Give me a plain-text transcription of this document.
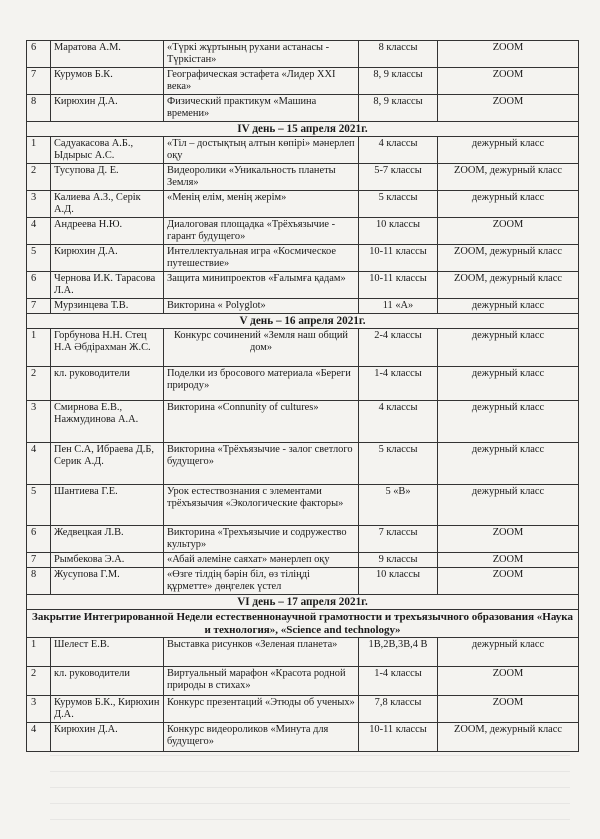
6	Маратова А.М.	«Түркі жұртының рухани астанасы - Түркістан»	8 классы	ZOOM
7	Курумов Б.К.	Географическая эстафета «Лидер XXI века»	8, 9 классы	ZOOM
8	Кирюхин Д.А.	Физический практикум «Машина времени»	8, 9 классы	ZOOM
IV день – 15 апреля 2021г.				
1	Садуакасова А.Б., Ыдырыс А.С.	«Тіл – достықтың алтын көпірі» мәнерлеп оқу	4 классы	дежурный класс
2	Тусупова Д. Е.	Видеоролики «Уникальность планеты Земля»	5-7 классы	ZOOM, дежурный класс
3	Калиева А.З., Серік А.Д.	«Менің елім, менің жерім»	5 классы	дежурный класс
4	Андреева Н.Ю.	Диалоговая площадка «Трёхъязычие - гарант будущего»	10 классы	ZOOM
5	Кирюхин Д.А.	Интеллектуальная игра «Космическое путешествие»	10-11 классы	ZOOM, дежурный класс
6	Чернова И.К. Тарасова Л.А.	Защита минипроектов «Ғалымға қадам»	10-11 классы	ZOOM, дежурный класс
7	Мурзинцева Т.В.	Викторина « Polyglot»	11 «А»	дежурный класс
V день – 16 апреля 2021г.				
1	Горбунова Н.Н. Стец Н.А Әбдірахман Ж.С.	Конкурс сочинений «Земля наш общий дом»	2-4 классы	дежурный класс
2	кл. руководители	Поделки из бросового материала «Береги природу»	1-4 классы	дежурный класс
3	Смирнова Е.В., Нажмудинова А.А.	Викторина «Connunity of cultures»	4 классы	дежурный класс
4	Пен С.А, Ибраева Д.Б, Серик А.Д.	Викторина «Трёхъязычие - залог светлого будущего»	5 классы	дежурный класс
5	Шантиева Г.Е.	Урок естествознания с элементами трёхъязычия «Экологические факторы»	5 «В»	дежурный класс
6	Жедвецкая Л.В.	Викторина «Трехъязычие и содружество культур»	7 классы	ZOOM
7	Рымбекова Э.А.	«Абай әлеміне саяхат» мәнерлеп оқу	9 классы	ZOOM
8	Жусупова Г.М.	«Өзге тілдің бәрін біл, өз тіліңді құрметте» дөңгелек үстел	10 классы	ZOOM
VI день – 17 апреля 2021г.				
Закрытие Интегрированной Недели естественнонаучной грамотности и трехъязычного образования «Наука и технология», «Science and technology»				
1	Шелест Е.В.	Выставка рисунков «Зеленая планета»	1В,2В,3В,4 В	дежурный класс
2	кл. руководители	Виртуальный марафон «Красота родной природы в стихах»	1-4 классы	ZOOM
3	Курумов Б.К., Кирюхин Д.А.	Конкурс презентаций «Этюды об ученых»	7,8 классы	ZOOM
4	Кирюхин Д.А.	Конкурс видеороликов «Минута для будущего»	10-11 классы	ZOOM, дежурный класс
